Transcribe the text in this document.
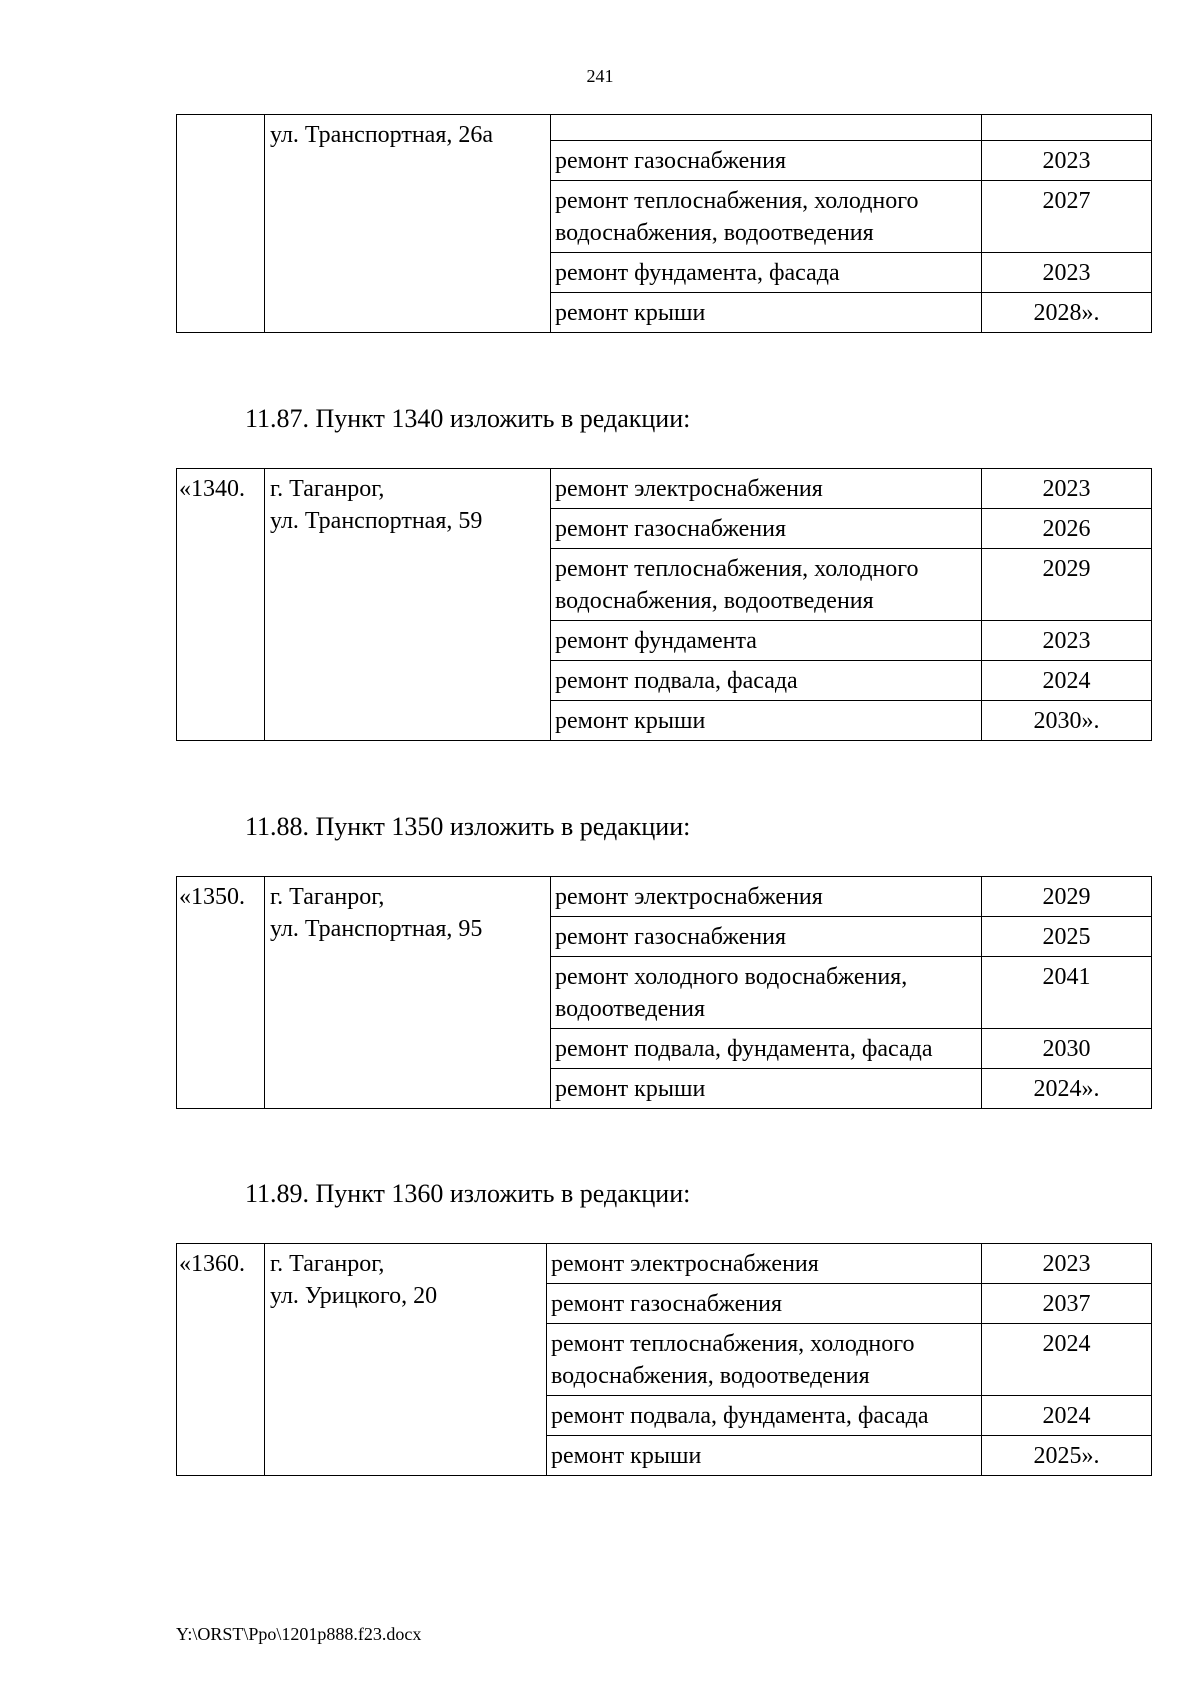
241
	ул. Транспортная, 26а		
		ремонт газоснабжения	2023
		ремонт теплоснабжения, холодного водоснабжения, водоотведения	2027
		ремонт фундамента, фасада	2023
		ремонт крыши	2028».
11.87. Пункт 1340 изложить в редакции:
«1340.	г. Таганрог,
ул. Транспортная, 59	ремонт электроснабжения	2023
		ремонт газоснабжения	2026
		ремонт теплоснабжения, холодного водоснабжения, водоотведения	2029
		ремонт фундамента	2023
		ремонт подвала, фасада	2024
		ремонт крыши	2030».
11.88. Пункт 1350 изложить в редакции:
«1350.	г. Таганрог,
ул. Транспортная, 95	ремонт электроснабжения	2029
		ремонт газоснабжения	2025
		ремонт холодного водоснабжения, водоотведения	2041
		ремонт подвала, фундамента, фасада	2030
		ремонт крыши	2024».
11.89. Пункт 1360 изложить в редакции:
«1360.	г. Таганрог,
ул. Урицкого, 20	ремонт электроснабжения	2023
		ремонт газоснабжения	2037
		ремонт теплоснабжения, холодного водоснабжения, водоотведения	2024
		ремонт подвала, фундамента, фасада	2024
		ремонт крыши	2025».
Y:\ORST\Ppo\1201p888.f23.docx
